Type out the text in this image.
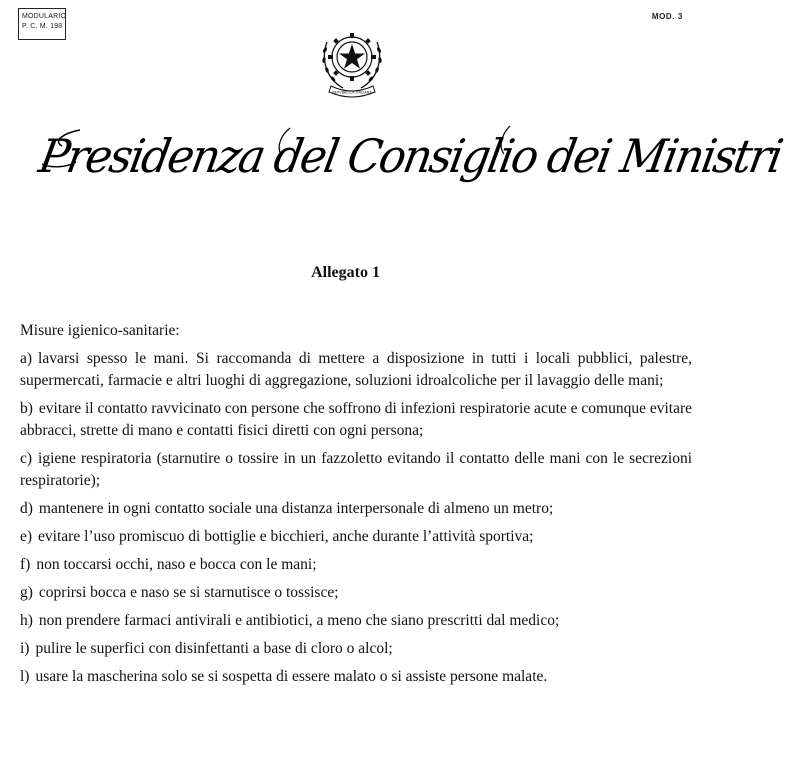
MODULARIO
P. C. M. 198
MOD. 3
REPVBBLICA ITALIANA
Presidenza del Consiglio dei Ministri
Allegato 1
Misure igienico-sanitarie:
a) lavarsi spesso le mani. Si raccomanda di mettere a disposizione in tutti i locali pubblici, palestre, supermercati, farmacie e altri luoghi di aggregazione, soluzioni idroalcoliche per il lavaggio delle mani;
b) evitare il contatto ravvicinato con persone che soffrono di infezioni respiratorie acute e comunque evitare abbracci, strette di mano e contatti fisici diretti con ogni persona;
c) igiene respiratoria (starnutire o tossire in un fazzoletto evitando il contatto delle mani con le secrezioni respiratorie);
d) mantenere in ogni contatto sociale una distanza interpersonale di almeno un metro;
e) evitare l’uso promiscuo di bottiglie e bicchieri, anche durante l’attività sportiva;
f) non toccarsi occhi, naso e bocca con le mani;
g) coprirsi bocca e naso se si starnutisce o tossisce;
h) non prendere farmaci antivirali e antibiotici, a meno che siano prescritti dal medico;
i) pulire le superfici con disinfettanti a base di cloro o alcol;
l) usare la mascherina solo se si sospetta di essere malato o si assiste persone malate.
